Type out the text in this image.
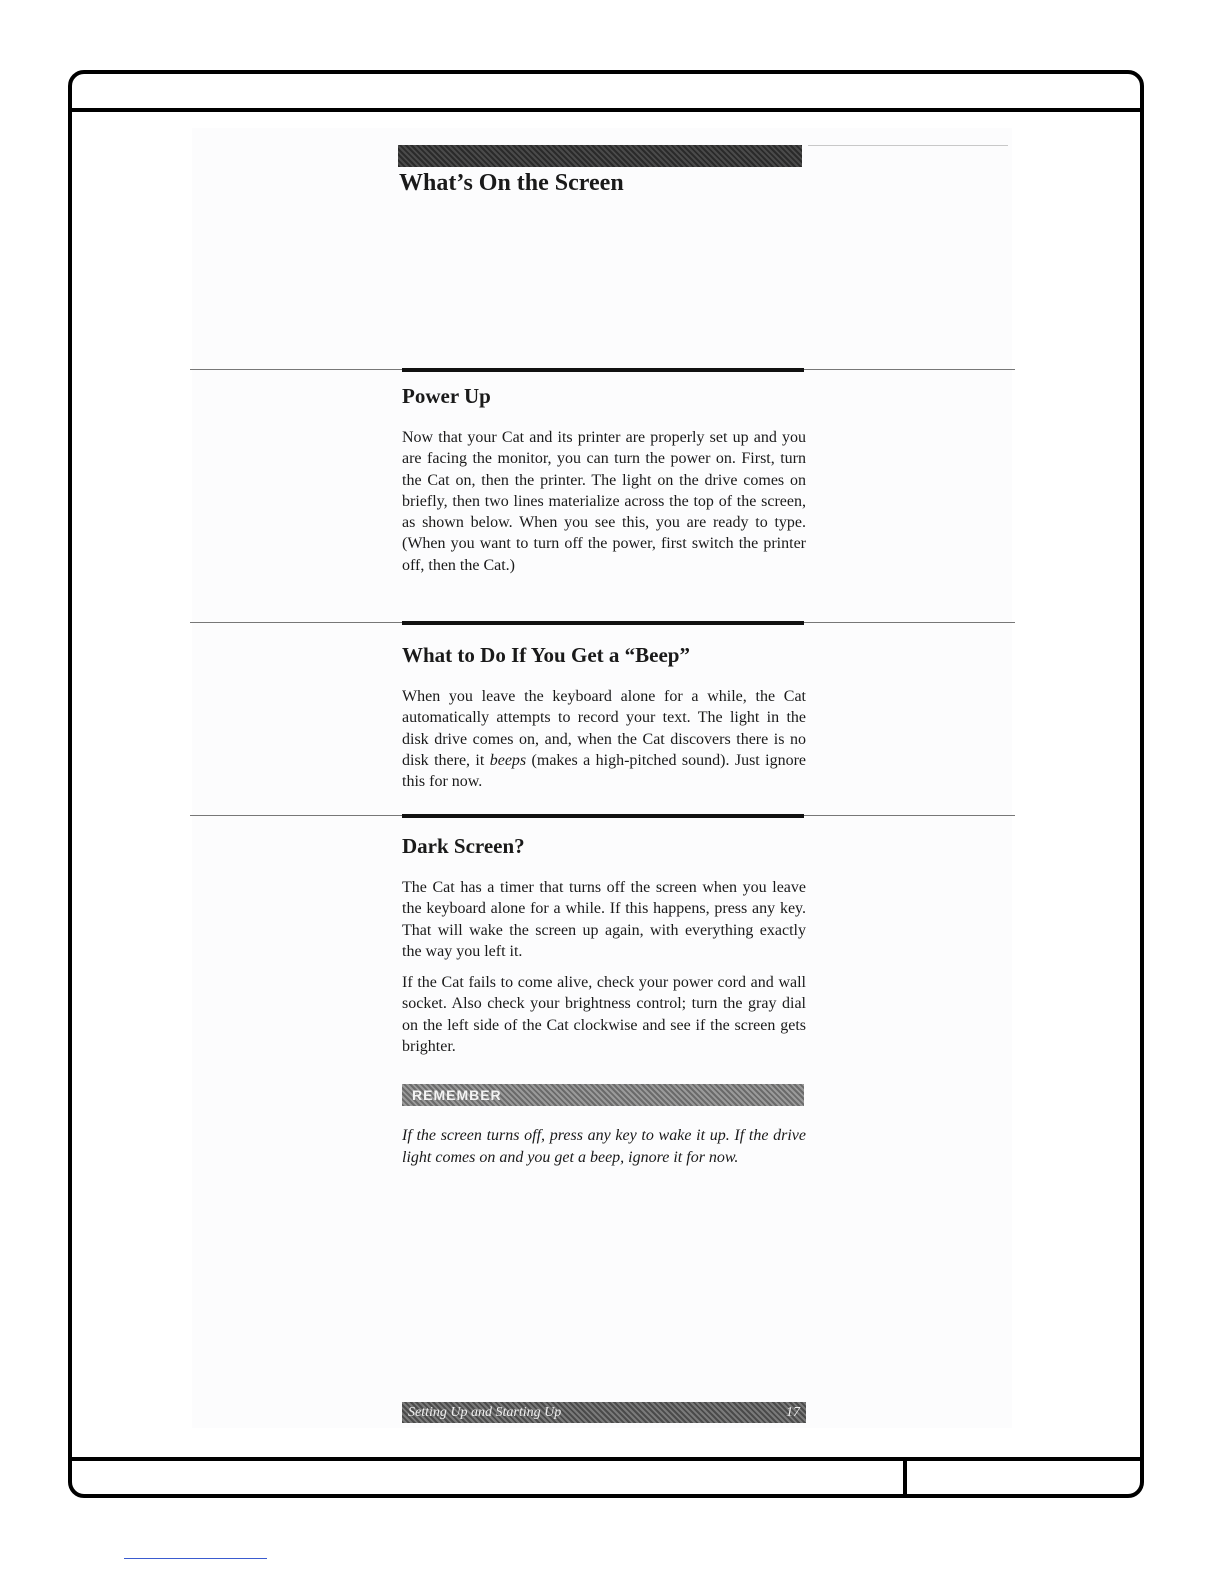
What’s On the Screen
Power Up

Now that your Cat and its printer are properly set up and you are facing the monitor, you can turn the power on. First, turn the Cat on, then the printer. The light on the drive comes on briefly, then two lines materialize across the top of the screen, as shown below. When you see this, you are ready to type. (When you want to turn off the power, first switch the printer off, then the Cat.)

What to Do If You Get a “Beep”

When you leave the keyboard alone for a while, the Cat automatically attempts to record your text. The light in the disk drive comes on, and, when the Cat discovers there is no disk there, it beeps (makes a high-pitched sound). Just ignore this for now.

Dark Screen?

The Cat has a timer that turns off the screen when you leave the keyboard alone for a while. If this happens, press any key. That will wake the screen up again, with everything exactly the way you left it.

If the Cat fails to come alive, check your power cord and wall socket. Also check your brightness control; turn the gray dial on the left side of the Cat clockwise and see if the screen gets brighter.

REMEMBER

If the screen turns off, press any key to wake it up. If the drive light comes on and you get a beep, ignore it for now.

Setting Up and Starting Up	17
